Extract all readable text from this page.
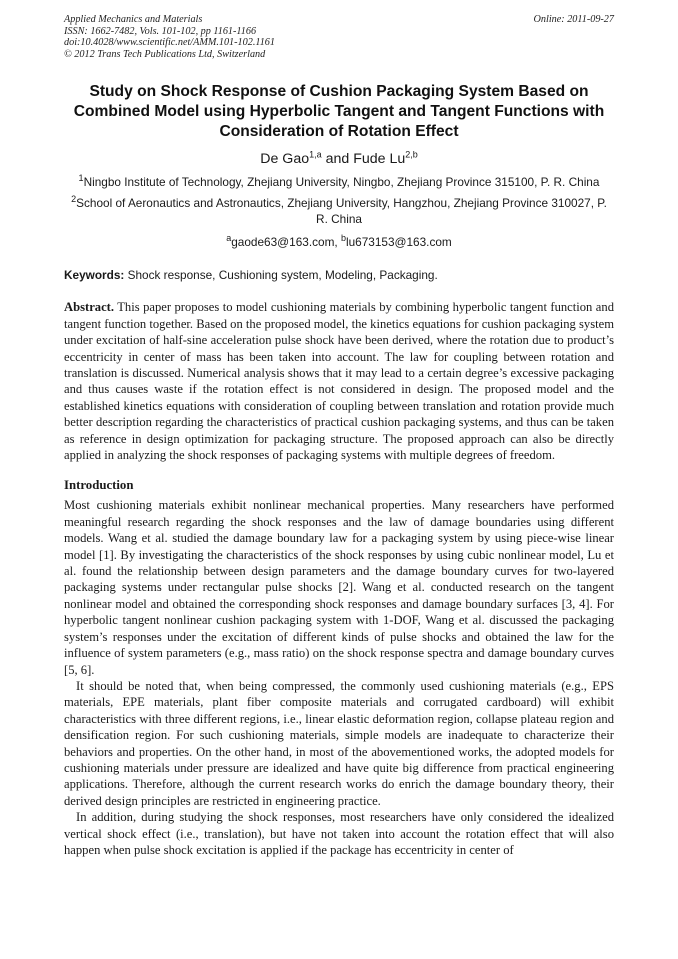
Applied Mechanics and Materials
ISSN: 1662-7482, Vols. 101-102, pp 1161-1166
doi:10.4028/www.scientific.net/AMM.101-102.1161
© 2012 Trans Tech Publications Ltd, Switzerland
Online: 2011-09-27
Study on Shock Response of Cushion Packaging System Based on Combined Model using Hyperbolic Tangent and Tangent Functions with Consideration of Rotation Effect
De Gao$^{1,a}$ and Fude Lu$^{2,b}$
$^1$Ningbo Institute of Technology, Zhejiang University, Ningbo, Zhejiang Province 315100, P. R. China
$^2$School of Aeronautics and Astronautics, Zhejiang University, Hangzhou, Zhejiang Province 310027, P. R. China
$^a$gaode63@163.com, $^b$lu673153@163.com
Keywords: Shock response, Cushioning system, Modeling, Packaging.
Abstract. This paper proposes to model cushioning materials by combining hyperbolic tangent function and tangent function together. Based on the proposed model, the kinetics equations for cushion packaging system under excitation of half-sine acceleration pulse shock have been derived, where the rotation due to product’s eccentricity in center of mass has been taken into account. The law for coupling between rotation and translation is discussed. Numerical analysis shows that it may lead to a certain degree’s excessive packaging and thus causes waste if the rotation effect is not considered in design. The proposed model and the established kinetics equations with consideration of coupling between translation and rotation provide much better description regarding the characteristics of practical cushion packaging systems, and thus can be taken as reference in design optimization for packaging structure. The proposed approach can also be directly applied in analyzing the shock responses of packaging systems with multiple degrees of freedom.
Introduction
Most cushioning materials exhibit nonlinear mechanical properties. Many researchers have performed meaningful research regarding the shock responses and the law of damage boundaries using different models. Wang et al. studied the damage boundary law for a packaging system by using piece-wise linear model [1]. By investigating the characteristics of the shock responses by using cubic nonlinear model, Lu et al. found the relationship between design parameters and the damage boundary curves for two-layered packaging systems under rectangular pulse shocks [2]. Wang et al. conducted research on the tangent nonlinear model and obtained the corresponding shock responses and damage boundary surfaces [3, 4]. For hyperbolic tangent nonlinear cushion packaging system with 1-DOF, Wang et al. discussed the packaging system’s responses under the excitation of different kinds of pulse shocks and obtained the law for the influence of system parameters (e.g., mass ratio) on the shock response spectra and damage boundary curves [5, 6].
It should be noted that, when being compressed, the commonly used cushioning materials (e.g., EPS materials, EPE materials, plant fiber composite materials and corrugated cardboard) will exhibit characteristics with three different regions, i.e., linear elastic deformation region, collapse plateau region and densification region. For such cushioning materials, simple models are inadequate to characterize their behaviors and properties. On the other hand, in most of the abovementioned works, the adopted models for cushioning materials under pressure are idealized and have quite big difference from practical engineering applications. Therefore, although the current research works do enrich the damage boundary theory, their derived design principles are restricted in engineering practice.
In addition, during studying the shock responses, most researchers have only considered the idealized vertical shock effect (i.e., translation), but have not taken into account the rotation effect that will also happen when pulse shock excitation is applied if the package has eccentricity in center of
